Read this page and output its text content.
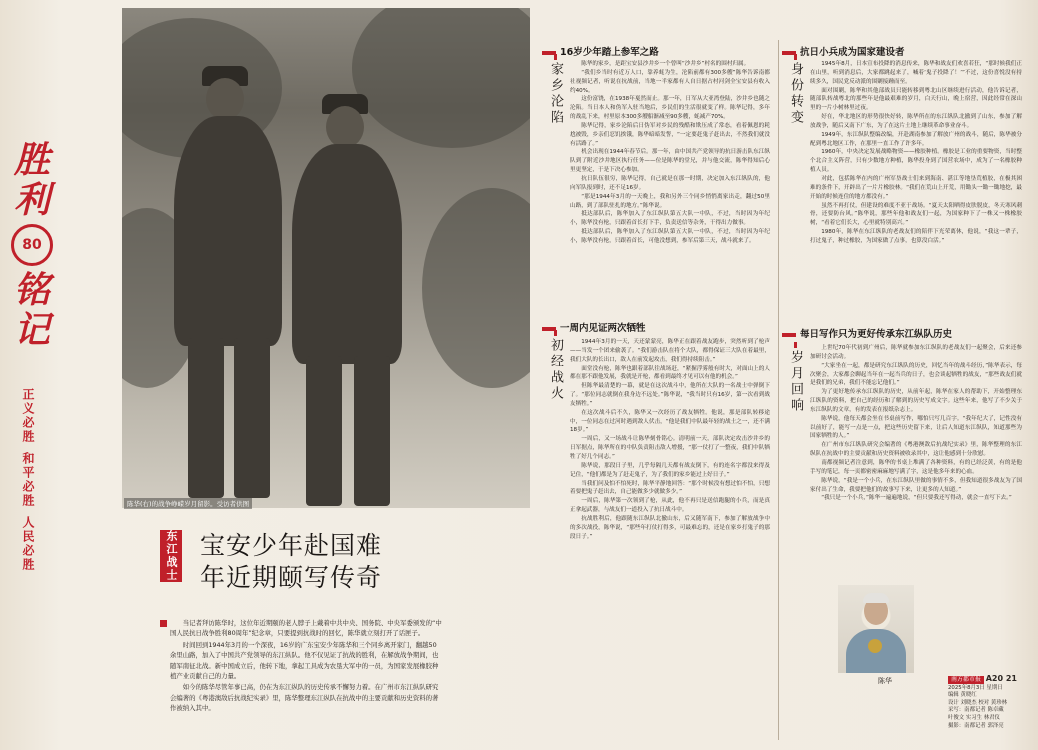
胜
利
80
铭
记
正义必胜
和平必胜
人民必胜
陈华(右)的战争峥嵘岁月留影。受访者供图
东江战士 宝安少年赴国难
年近期颐写传奇

当记者拜访陈华时，这位年近期颐的老人脖子上戴着中共中央、国务院、中央军委颁发的“中国人民抗日战争胜利80周年”纪念章，只要提到抗战时的回忆，陈华就立刻打开了话匣子。

时间回到1944年3月的一个深夜，16岁的广东宝安少年陈华和三个同乡离开家门，翻越50余里山路，加入了中国共产党领导的东江纵队。他不仅见证了抗战的胜利，在解放战争期间，也随军南征北战。新中国成立后，他转下地，拿起工具成为农垦大军中的一员，为国家发展橡胶种植产业贡献自己的力量。

如今的陈华尽管年事已高，仍在为东江纵队的历史传承不懈努力着。在广州市东江纵队研究会编著的《粤港澳敌后抗战纪实录》里，陈华整理东江纵队在抗战中的主要贡献和历史资料的著作被纳入其中。

16岁少年踏上参军之路
家乡沦陷	陈华的家乡，是距宝安县沙井乡一个曾叫“沙井乡”村名的围村归属。

“我们乡当时有近万人口，靠养蚝为生，沦陷前都有300多艘”陈华告诉南都社视频记者，听说在抗战前，当地一半家都有人自日据占村河剑全宝安县有收入约40%。

这份富饶，在1938年戛然而止。那一年，日军从大亚湾登陆，沙井乡也随之沦陷。当日本人和伪军入驻当地后，乡民们的生活很就变了样。陈华记得，多年的战乱下来，村里原本300多艘船渐减至90多艘，蚝减产70%。

陈华记得，家乡沦陷后日伪军对乡民的残酷和欺压成了常态，看着佩恩的耗尬被毁，乡亲们忍饥挨饿，陈华暗暗发誓，“一定要赶鬼子赶出去，不然我们就没有活路了。”

机会出现在1944年春节后。那一年，由中国共产党领导的抗日游击队东江纵队到了附近沙井地区执行任务——位是陈华的堂兄，并与他交流，陈华得知后心里更坚定，于是下决心参加。

抗日队伍很穷，陈华记得，自己就是在那一时期，决定加入东江纵队的，他向军队报到时，还不足16岁。

“那是1944年3月的一天晚上，我和另外三个同乡悄悄离家出走，翻过50里山路，到了部队驻扎的地方。”陈华说。

抵达部队后，陈华加入了东江纵队第五大队一中队，不过，当时因为年纪小，陈华没有枪，只跟着首长打下手，负责送信等杂务，干得出力做事。

抵达部队后，陈华加入了东江纵队第五大队一中队，不过，当时因为年纪小，陈华没有枪，只跟着首长，可他没想到，参军后第三天，战斗就来了。

一周内见证两次牺牲
初经战火	1944年3月的一天，天还蒙蒙亮，陈华正在跟着战友跑步，突然听到了枪声——当发一个团来偷袭了。“我们游击队在将个大队，都得保证三大队在着最里，我们大队的长出口，敌人在前发起攻击，我们得持续阻击。”

面堂没有枪，陈华也跟着部队往战场赶，“紧握浮雾般有时大，对面山上的人都在那不跟他发展，我就是开枪，都看到最终才见可以有他的机会。”

但陈华最清楚的一幕，就是在这次战斗中，他所在大队的一名战士中弹倒下了。“那位同志就倒在我身边不远处。”陈华说，“我当时只有16岁，第一次看到战友牺牲。”

在这次战斗后不久，陈华又一次经历了战友牺牲。他说，那是部队转移途中，一位同志在过河时遇到敌人伏击，“他是我们中队最年轻的战士之一，还不满18岁。”

一周后，又一场战斗让陈华刻骨铭心。清明前一天，部队决定攻击沙井乡的日军据点，陈华所在的中队负责阻击敌人增援，“那一仗打了一整夜，我们中队牺牲了好几个同志。”

陈华说，那段日子里，几乎每隔几天都有战友倒下，有的连名字都没来得及记住，“他们都是为了赶走鬼子，为了我们的家乡能过上好日子。”

当我们问及怕不怕死时，陈华平静地回答：“那个时候没有想过怕不怕，只想着要把鬼子赶出去，自己能做多少就做多少。”

一周后，陈华第一次领到了枪，从此，他不再只是送信跑腿的小兵，而是真正拿起武器，与战友们一道投入了抗日战斗中。

抗战胜利后，他跟随东江纵队北撤山东，后又随军南下，参加了解放战争中的多次战役，陈华说，“那些年打仗打得多，可最难忘的，还是在家乡打鬼子的那段日子。”

抗日小兵成为国家建设者
身份转变	1945年8月，日本宣布投降的消息传来，陈华和战友们欢喜若狂，“那时候我们正在山里，听到消息后，大家都跳起来了，喊着‘鬼子投降了！’”不过，这份喜悦没有持续多久，国民党反动派的围剿接踵而至。

面对围剿，陈华和其他部战员只能转移到粤北山区继续进行活动，他告诉记者，随部队转战粤北的那些年是他最艰难的岁月，白天行山，晚上宿营，因此经常在深山里的一片小树林里过夜。

好在，华北地区的形势很快好转，陈华所在的东江纵队北撤到了山东，参加了解放战争，随后又南下广东，为了在这片土地上继续革命事业奋斗。

1949年，东江纵队整编改编，开赴湖南参加了解放广州的战斗，随后，陈华被分配到粤北地区工作，在那里一直工作了许多年。

1960年，中央决定发展战略物资——橡胶种植。橡胶是工业的重要物资，当时整个北合主义阵营，只有少数地方种植，陈华投身到了国营农场中，成为了一名橡胶种植人员。

对此，包括陈华在内的广州军垦战士们来到海南、湛江等地垦荒植胶，在极其困难的条件下，开辟出了一片片橡胶林。“我们在荒山上开荒，用锄头一锄一锄地挖，最开始的时候连住的地方都没有。”

虽然不再打仗，但建设的难度不亚于战场。“夏天太阳晒得皮肤脱皮，冬天寒风刺骨，还要防台风。”陈华说，那些年他和战友们一起，为国家种下了一株又一株橡胶树，“看着它们长大，心里就特别高兴。”

1980年，陈华在东江纵队的老战友们的陪伴下光荣离休，他说，“我这一辈子，打过鬼子，种过橡胶，为国家做了点事，也算没白活。”

每日写作只为更好传承东江纵队历史
岁月回响

上世纪70年代初到广州后，陈华就参加东江纵队的老战友们一起聚会，后来还参加研讨会活动。

“大家坐在一起，都是研究东江纵队的历史，回忆当年的战斗经历，”陈华表示，每次聚会，大家都会聊起当年在一起当兵的日子，也会谈起牺牲的战友，“那些战友们就是我们的兄弟，我们不能忘记他们。”

为了更好地传承东江纵队的历史，从前年起，陈华在家人的帮助下，开始整理东江纵队的资料，把自己的经历和了解到的历史写成文字。这些年来，他写了不少关于东江纵队的文章，有的发表在报纸杂志上。

陈华说，他每天都会坐在书桌前写作，哪怕只写几百字。“我年纪大了，记性没有以前好了，能写一点是一点，把这些历史留下来，让后人知道东江纵队，知道那些为国家牺牲的人。”

在广州市东江纵队研究会编著的《粤港澳敌后抗战纪实录》里，陈华整理的东江纵队在抗战中的主要贡献和历史资料被收录其中，这让他感到十分欣慰。

南都视频记者注意到，陈华的书桌上堆满了各种资料，有的已经泛黄，有的是他手写的笔记，每一页都密密麻麻地写满了字，这是他多年来的心血。

陈华说，“我是一个小兵，在东江纵队里做的事情不多，但我知道很多战友为了国家付出了生命，我要把他们的故事写下来，让更多的人知道。”

“我只是一个小兵，”陈华一遍遍地说，“但只要我还写得动，就会一直写下去。”

陈华	南方都市报 A20 21
2025年8月3日 星期日
编辑 黄晓红
设计 刘晓杰 校对 黄珍林
采写：南都记者 陈卓藏
叶俊文 实习生 林君仪
摄影：南都记者 郭泽亮
